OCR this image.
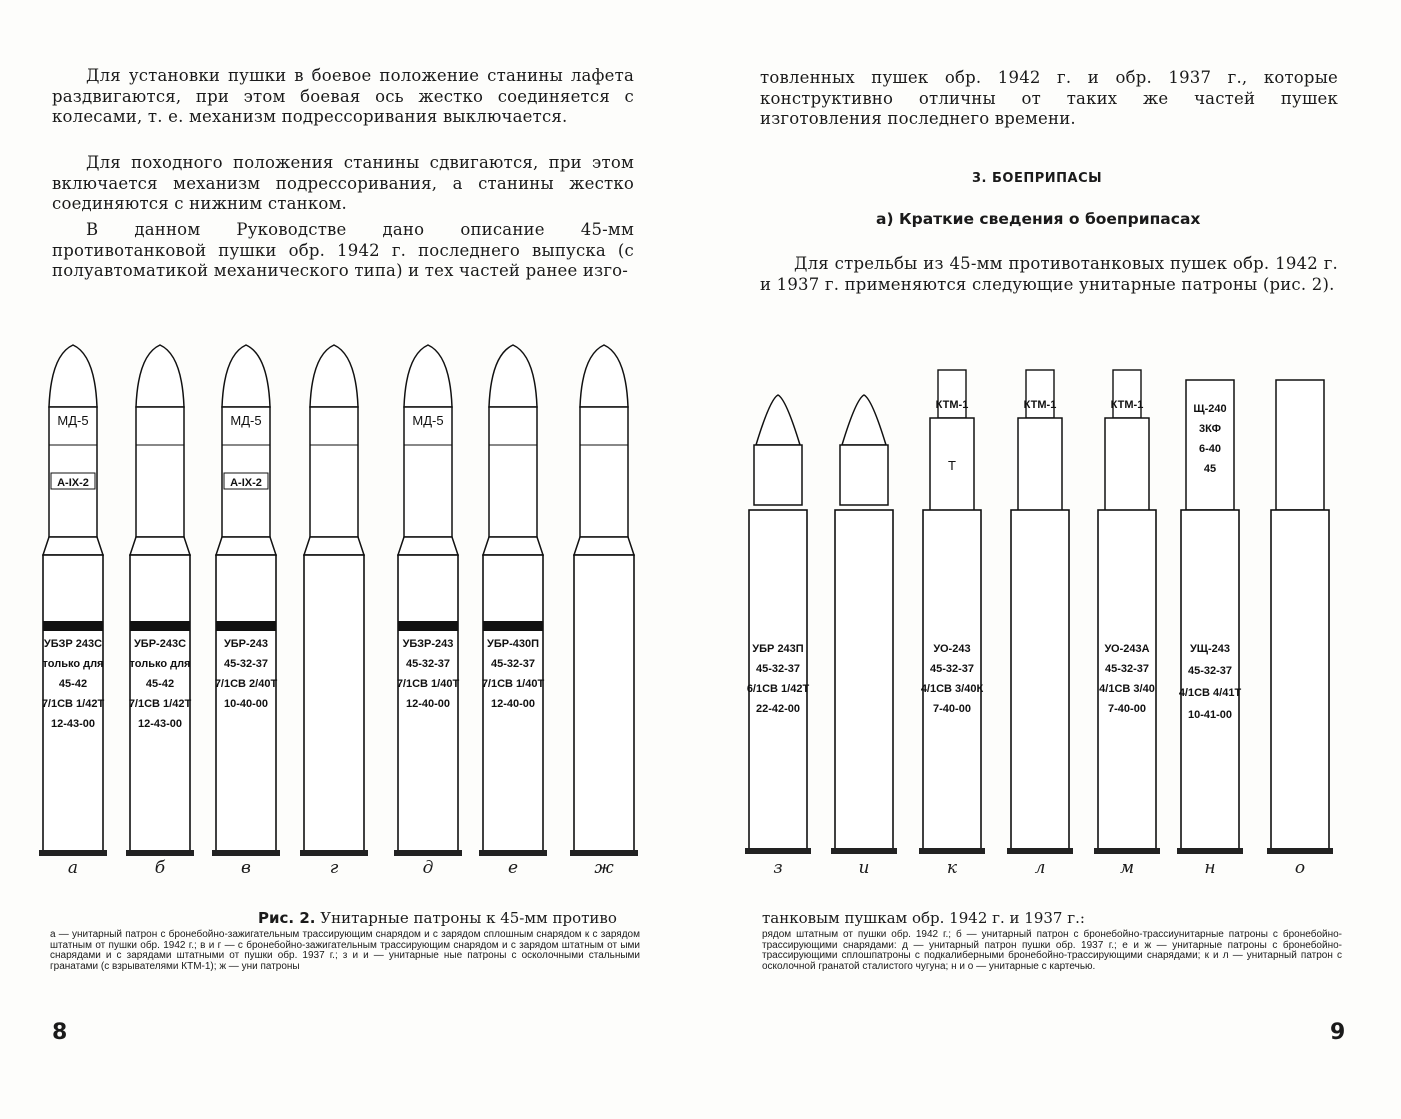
Для установки пушки в боевое положение станины лафета раздвигаются, при этом боевая ось жестко соединяется с колесами, т. е. механизм подрессоривания выключается.

Для походного положения станины сдвигаются, при этом включается механизм подрессоривания, а станины жестко соединяются с нижним станком.

В данном Руководстве дано описание 45-мм противотанковой пушки обр. 1942 г. последнего выпуска (с полуавтоматикой механического типа) и тех частей ранее изго-

товленных пушек обр. 1942 г. и обр. 1937 г., которые конструктивно отличны от таких же частей пушек изготовления последнего времени.

3. БОЕПРИПАСЫ
а) Краткие сведения о боеприпасах

Для стрельбы из 45-мм противотанковых пушек обр. 1942 г. и 1937 г. применяются следующие унитарные патроны (рис. 2).

МД-5
А-IХ-2
УБЗР 243С
только для
45-42
7/1СВ 1/42Т
12-43-00
УБР-243С
только для
45-42
7/1СВ 1/42Т
12-43-00
МД-5
А-IХ-2
УБР-243
45-32-37
7/1СВ 2/40Т
10-40-00
МД-5
УБЗР-243
45-32-37
7/1СВ 1/40Т
12-40-00
УБР-430П
45-32-37
7/1СВ 1/40Т
12-40-00
УБР 243П
45-32-37
6/1СВ 1/42Т
22-42-00
КТМ-1
Т
УО-243
45-32-37
4/1СВ 3/40К
7-40-00
КТМ-1	КТМ-1
УО-243А
45-32-37
4/1СВ 3/40
7-40-00
Щ-240
3КФ
6-40
45
УЩ-243
45-32-37
4/1СВ 4/41Т
10-41-00
а	б	в	г	д	е	ж	з	и	к	л	м	н	о
Рис. 2. Унитарные патроны к 45-мм противо
а — унитарный патрон с бронебойно-зажигательным трассирующим снарядом и с зарядом сплошным снарядом к с зарядом штатным от пушки обр. 1942 г.; в и г — с бронебойно-зажигательным трассирующим снарядом и с зарядом штатным от ыми снарядами и с зарядами штатными от пушки обр. 1937 г.; з и и — унитарные ные патроны с осколочными стальными гранатами (с взрывателями КТМ-1); ж — уни патроны
танковым пушкам обр. 1942 г. и 1937 г.:
рядом штатным от пушки обр. 1942 г.; б — унитарный патрон с бронебойно-трассиунитарные патроны с бронебойно-трассирующими снарядами: д — унитарный патрон пушки обр. 1937 г.; е и ж — унитарные патроны с бронебойно-трассирующими сплошпатроны с подкалиберными бронебойно-трассирующими снарядами; к и л — унитарный патрон с осколочной гранатой сталистого чугуна; н и о — унитарные с картечью.
8	9
